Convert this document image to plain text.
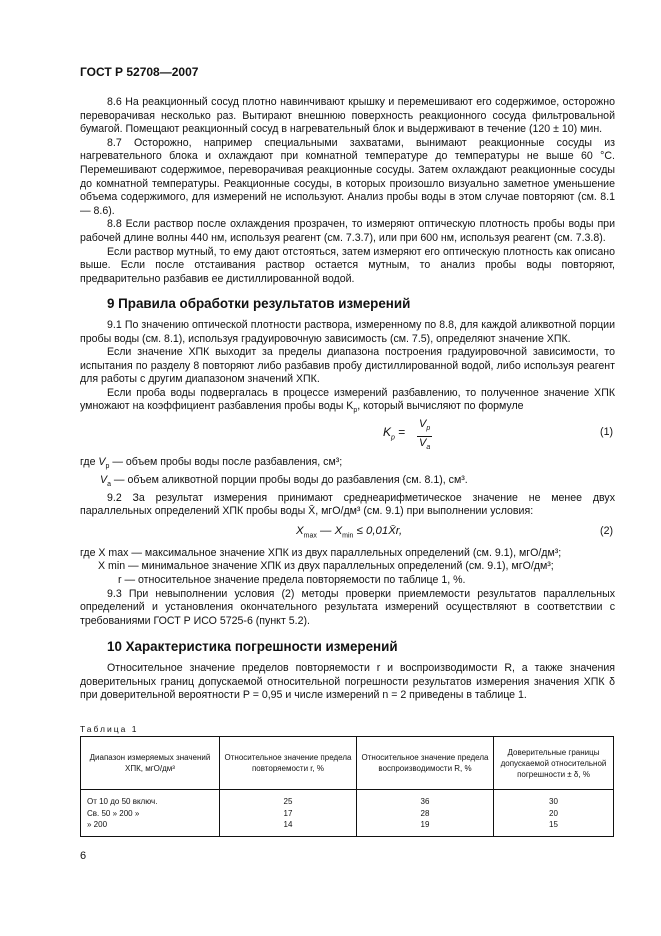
ГОСТ Р 52708—2007

8.6 На реакционный сосуд плотно навинчивают крышку и перемешивают его содержимое, осторожно переворачивая несколько раз. Вытирают внешнюю поверхность реакционного сосуда фильтровальной бумагой. Помещают реакционный сосуд в нагревательный блок и выдерживают в течение (120 ± 10) мин.

8.7 Осторожно, например специальными захватами, вынимают реакционные сосуды из нагревательного блока и охлаждают при комнатной температуре до температуры не выше 60 °С. Перемешивают содержимое, переворачивая реакционные сосуды. Затем охлаждают реакционные сосуды до комнатной температуры. Реакционные сосуды, в которых произошло визуально заметное уменьшение объема содержимого, для измерений не используют. Анализ пробы воды в этом случае повторяют (см. 8.1 — 8.6).

8.8 Если раствор после охлаждения прозрачен, то измеряют оптическую плотность пробы воды при рабочей длине волны 440 нм, используя реагент (см. 7.3.7), или при 600 нм, используя реагент (см. 7.3.8).

Если раствор мутный, то ему дают отстояться, затем измеряют его оптическую плотность как описано выше. Если после отстаивания раствор остается мутным, то анализ пробы воды повторяют, предварительно разбавив ее дистиллированной водой.

9 Правила обработки результатов измерений

9.1 По значению оптической плотности раствора, измеренному по 8.8, для каждой аликвотной порции пробы воды (см. 8.1), используя градуировочную зависимость (см. 7.5), определяют значение ХПК.

Если значение ХПК выходит за пределы диапазона построения градуировочной зависимости, то испытания по разделу 8 повторяют либо разбавив пробу дистиллированной водой, либо используя реагент для работы с другим диапазоном значений ХПК.

Если проба воды подвергалась в процессе измерений разбавлению, то полученное значение ХПК умножают на коэффициент разбавления пробы воды $K_р$, который вычисляют по формуле

$K_р$ =
$V_р$
$V_а$
(1)

где $V_р$ — объем пробы воды после разбавления, см³;

$V_а$ — объем аликвотной порции пробы воды до разбавления (см. 8.1), см³.

9.2 За результат измерения принимают среднеарифметическое значение не менее двух параллельных определений ХПК пробы воды X̄, мгО/дм³ (см. 9.1) при выполнении условия:

$X_{max}$ — $X_{min}$ ≤ 0,01X̄r,	(2)

где X max — максимальное значение ХПК из двух параллельных определений (см. 9.1), мгО/дм³;

X min — минимальное значение ХПК из двух параллельных определений (см. 9.1), мгО/дм³;

r — относительное значение предела повторяемости по таблице 1, %.

9.3 При невыполнении условия (2) методы проверки приемлемости результатов параллельных определений и установления окончательного результата измерений осуществляют в соответствии с требованиями ГОСТ Р ИСО 5725-6 (пункт 5.2).

10 Характеристика погрешности измерений

Относительное значение пределов повторяемости r и воспроизводимости R, а также значения доверительных границ допускаемой относительной погрешности результатов измерения значения ХПК δ при доверительной вероятности P = 0,95 и числе измерений n = 2 приведены в таблице 1.

Таблица 1
Диапазон измеряемых значений ХПК, мгО/дм³	Относительное значение предела повторяемости r, %	Относительное значение предела воспроизводимости R, %	Доверительные границы допускаемой относительной погрешности ± δ, %
От 10 до 50 включ.	25	36	30
Св. 50 » 200 »	17	28	20
» 200	14	19	15
6
